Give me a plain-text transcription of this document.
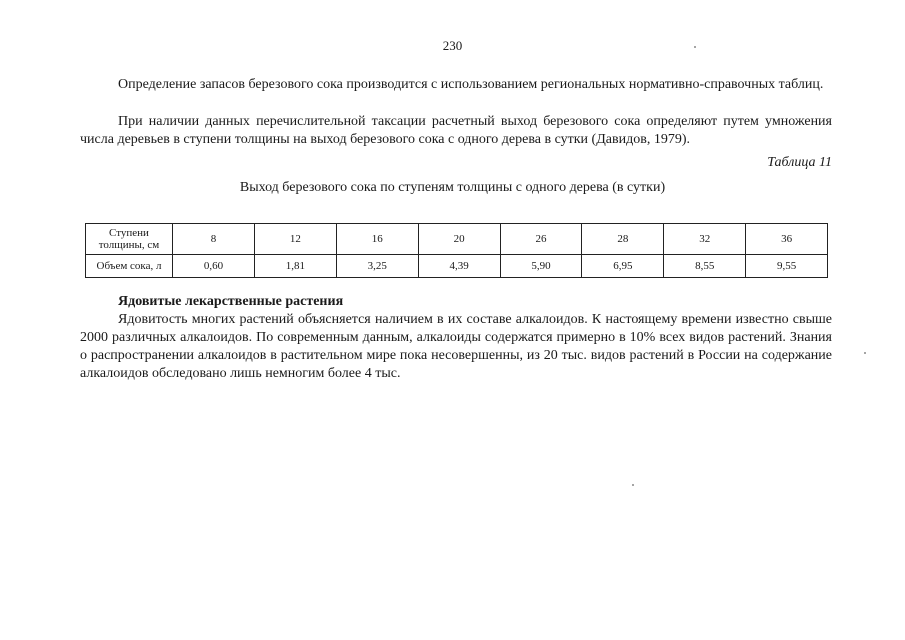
230

Определение запасов березового сока производится с использованием региональных нормативно-справочных таблиц.

При наличии данных перечислительной таксации расчетный выход березового сока определяют путем умножения числа деревьев в ступени толщины на выход березового сока с одного дерева в сутки (Давидов, 1979).

Таблица 11
Выход березового сока по ступеням толщины с одного дерева (в сутки)
Ступени толщины, см	8	12	16	20	26	28	32	36
Объем сока, л	0,60	1,81	3,25	4,39	5,90	6,95	8,55	9,55
Ядовитые лекарственные растения

Ядовитость многих растений объясняется наличием в их составе алкалоидов. К настоящему времени известно свыше 2000 различных алкалоидов. По современным данным, алкалоиды содержатся примерно в 10% всех видов растений. Знания о распространении алкалоидов в растительном мире пока несовершенны, из 20 тыс. видов растений в России на содержание алкалоидов обследовано лишь немногим более 4 тыс.
